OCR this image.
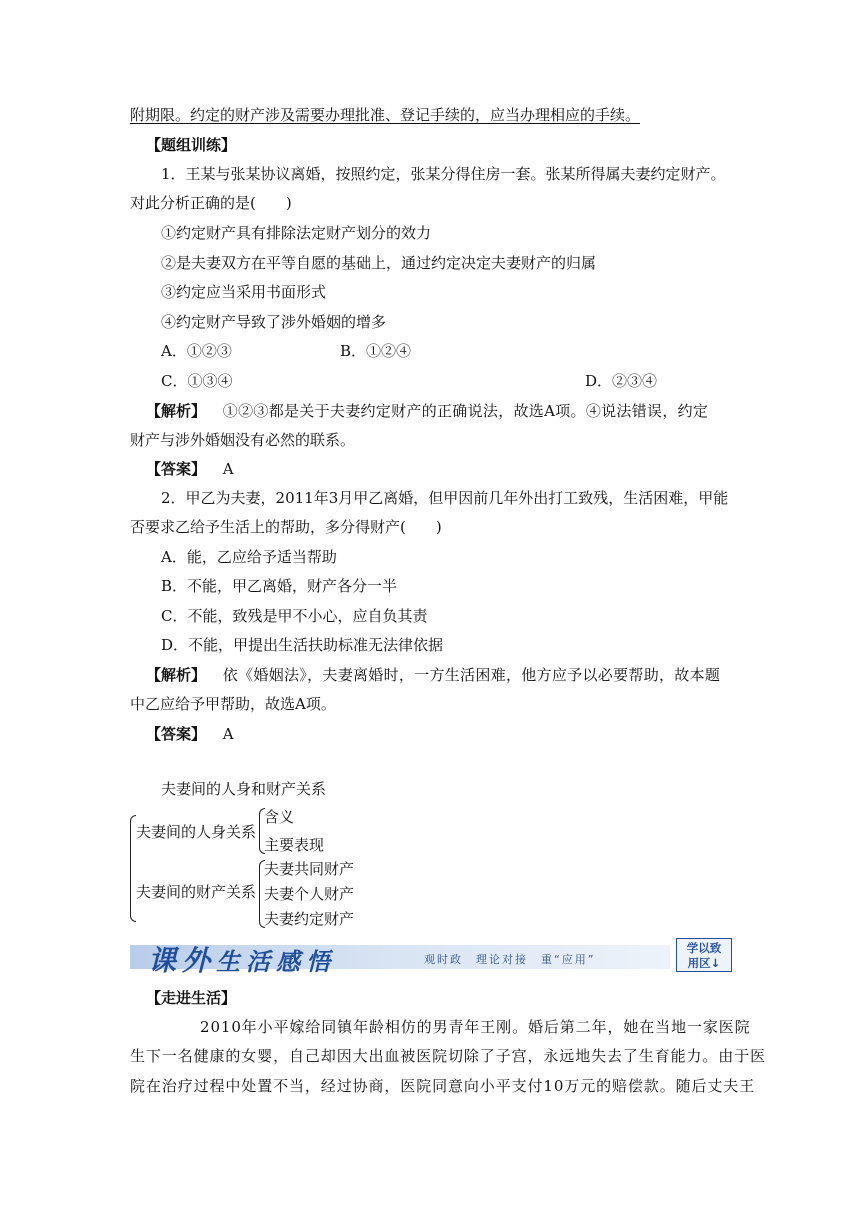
附期限。约定的财产涉及需要办理批准、登记手续的，应当办理相应的手续。
【题组训练】
1．王某与张某协议离婚，按照约定，张某分得住房一套。张某所得属夫妻约定财产。
对此分析正确的是(　　)
①约定财产具有排除法定财产划分的效力
②是夫妻双方在平等自愿的基础上，通过约定决定夫妻财产的归属
③约定应当采用书面形式
④约定财产导致了涉外婚姻的增多
A．①②③	B．①②④
C．①③④	D．②③④
【解析】 ①②③都是关于夫妻约定财产的正确说法，故选A项。④说法错误，约定
财产与涉外婚姻没有必然的联系。
【答案】 A
2．甲乙为夫妻，2011年3月甲乙离婚，但甲因前几年外出打工致残，生活困难，甲能
否要求乙给予生活上的帮助，多分得财产(　　)
A．能，乙应给予适当帮助
B．不能，甲乙离婚，财产各分一半
C．不能，致残是甲不小心，应自负其责
D．不能，甲提出生活扶助标准无法律依据
【解析】 依《婚姻法》，夫妻离婚时，一方生活困难，他方应予以必要帮助，故本题
中乙应给予甲帮助，故选A项。
【答案】 A
夫妻间的人身和财产关系
夫妻间的人身关系
含义
主要表现
夫妻间的财产关系
夫妻共同财产
夫妻个人财产
夫妻约定财产
课外生活感悟	观时政　理论对接　重“应用”
学以致
用区↓
【走进生活】
2010年小平嫁给同镇年龄相仿的男青年王刚。婚后第二年，她在当地一家医院
生下一名健康的女婴，自己却因大出血被医院切除了子宫，永远地失去了生育能力。由于医
院在治疗过程中处置不当，经过协商，医院同意向小平支付10万元的赔偿款。随后丈夫王
